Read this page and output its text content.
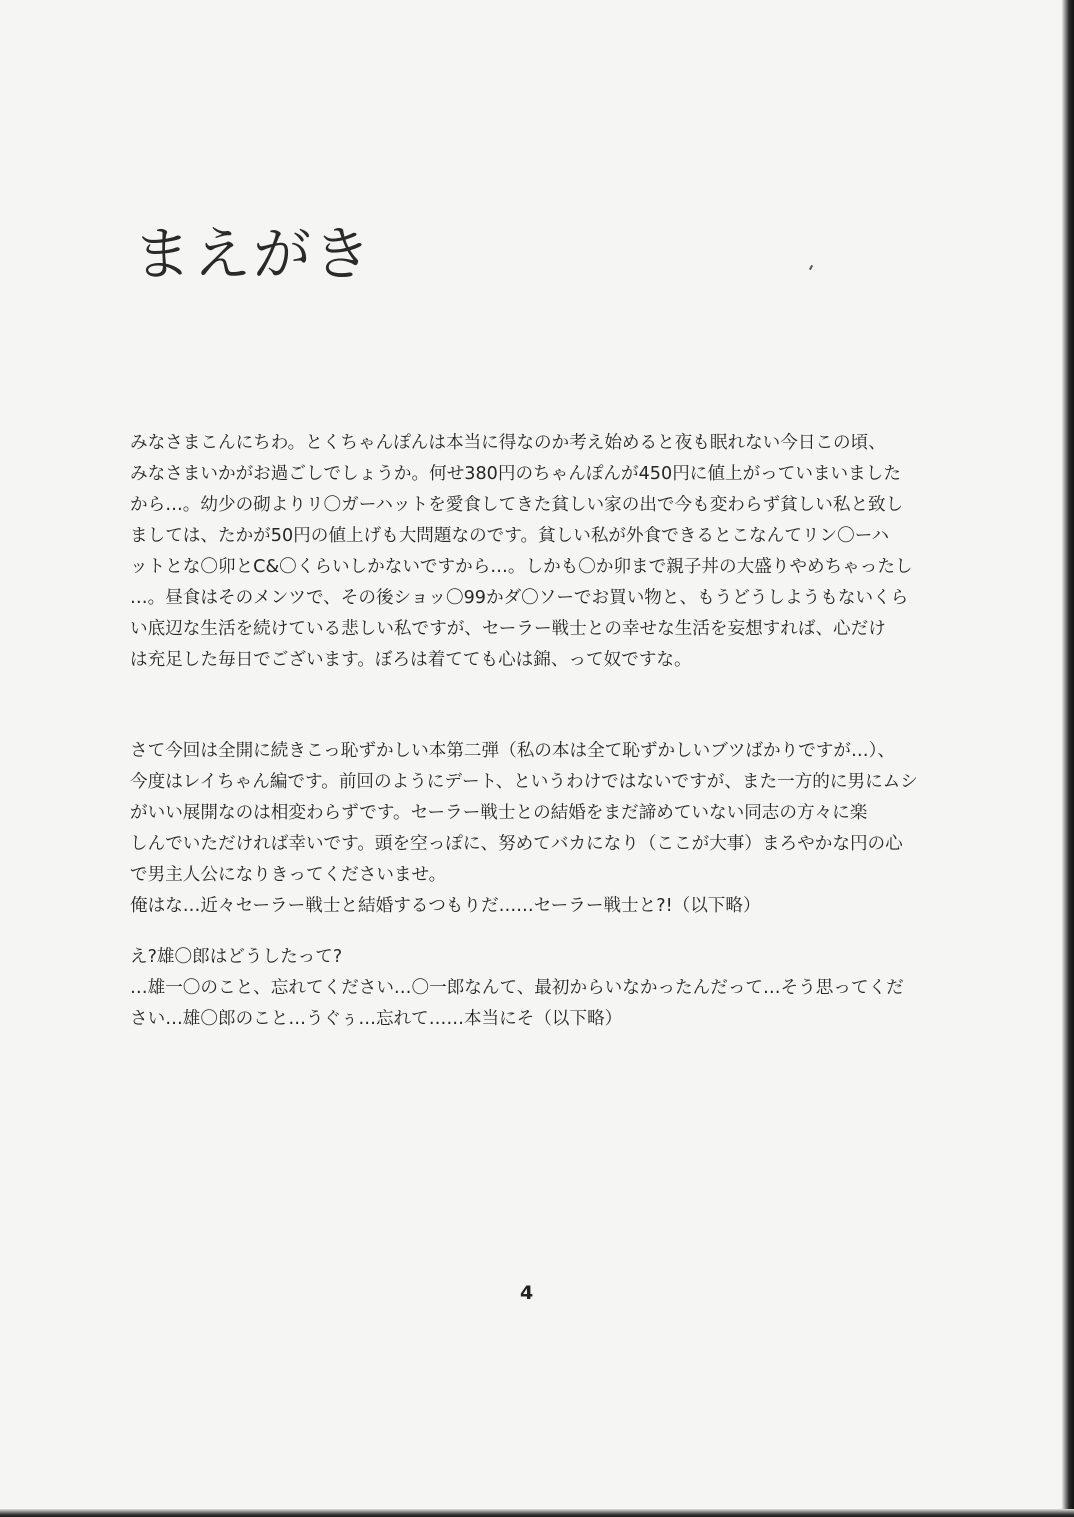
まえがき
みなさまこんにちわ。とくちゃんぽんは本当に得なのか考え始めると夜も眠れない今日この頃、
みなさまいかがお過ごしでしょうか。何せ380円のちゃんぽんが450円に値上がっていまいました
から…。幼少の砌よりリ〇ガーハットを愛食してきた貧しい家の出で今も変わらず貧しい私と致し
ましては、たかが50円の値上げも大問題なのです。貧しい私が外食できるとこなんてリン〇ーハ
ットとな〇卯とC&〇くらいしかないですから…。しかも〇か卯まで親子丼の大盛りやめちゃったし
…。昼食はそのメンツで、その後ショッ〇99かダ〇ソーでお買い物と、もうどうしようもないくら
い底辺な生活を続けている悲しい私ですが、セーラー戦士との幸せな生活を妄想すれば、心だけ
は充足した毎日でございます。ぼろは着てても心は錦、って奴ですな。
さて今回は全開に続きこっ恥ずかしい本第二弾（私の本は全て恥ずかしいブツばかりですが…）、
今度はレイちゃん編です。前回のようにデート、というわけではないですが、また一方的に男にムシ
がいい展開なのは相変わらずです。セーラー戦士との結婚をまだ諦めていない同志の方々に楽
しんでいただければ幸いです。頭を空っぽに、努めてバカになり（ここが大事）まろやかな円の心
で男主人公になりきってくださいませ。
俺はな…近々セーラー戦士と結婚するつもりだ……セーラー戦士と?!（以下略）
え?雄〇郎はどうしたって?
…雄一〇のこと、忘れてください…〇一郎なんて、最初からいなかったんだって…そう思ってくだ
さい…雄〇郎のこと…うぐぅ…忘れて……本当にそ（以下略）
4
